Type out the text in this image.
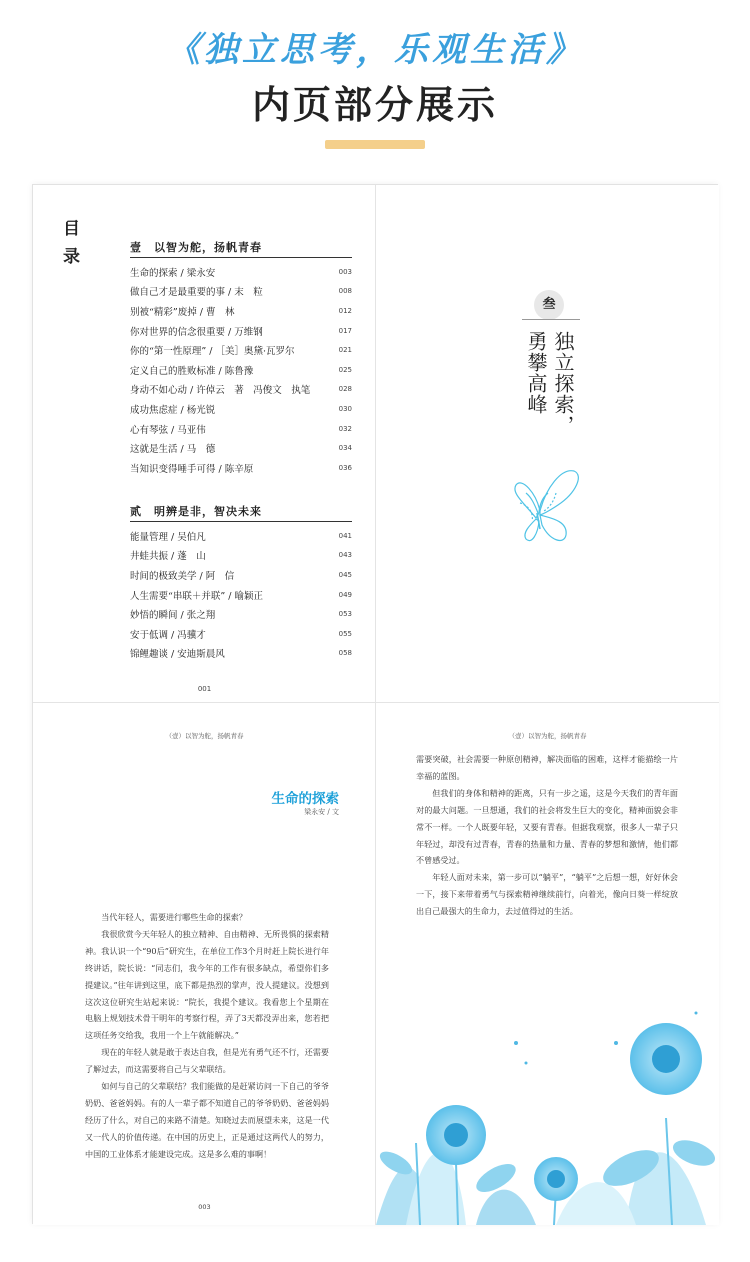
《独立思考，乐观生活》
内页部分展示
目录	壹　以智为舵，扬帆青春
生命的探索 / 梁永安	003
做自己才是最重要的事 / 末　粒	008
别被“精彩”废掉 / 曹　林	012
你对世界的信念很重要 / 万维钢	017
你的“第一性原理” / ［美］奥黛·瓦罗尔	021
定义自己的胜败标准 / 陈鲁豫	025
身动不如心动 / 许倬云　著　冯俊文　执笔	028
成功焦虑症 / 杨光锐	030
心有琴弦 / 马亚伟	032
这就是生活 / 马　德	034
当知识变得唾手可得 / 陈辛原	036
贰　明辨是非，智决未来
能量管理 / 吴伯凡	041
井蛙共振 / 蓬　山	043
时间的极致美学 / 阿　信	045
人生需要“串联＋并联” / 喻颖正	049
妙悟的瞬间 / 张之翔	053
安于低调 / 冯骥才	055
锦鲤趣谈 / 安迪斯晨风	058
001
叁
独立探索，
勇攀高峰
（壹）以智为舵，扬帆青春
生命的探索
梁永安 / 文

当代年轻人，需要进行哪些生命的探索？

我很欣赏今天年轻人的独立精神、自由精神、无所畏惧的探索精神。我认识一个“90后”研究生，在单位工作3个月时赶上院长进行年终讲话，院长说：“同志们，我今年的工作有很多缺点，希望你们多提建议。”往年讲到这里，底下都是热烈的掌声，没人提建议。没想到这次这位研究生站起来说：“院长，我提个建议。我看您上个星期在电脑上规划技术骨干明年的考察行程，弄了3天都没弄出来，您若把这项任务交给我，我用一个上午就能解决。”

现在的年轻人就是敢于表达自我，但是光有勇气还不行，还需要了解过去，而这需要将自己与父辈联结。

如何与自己的父辈联结？我们能做的是赶紧访问一下自己的爷爷奶奶、爸爸妈妈。有的人一辈子都不知道自己的爷爷奶奶、爸爸妈妈经历了什么，对自己的来路不清楚。知晓过去而展望未来，这是一代又一代人的价值传递。在中国的历史上，正是通过这两代人的努力，中国的工业体系才能建设完成。这是多么难的事啊！

003
（壹）以智为舵，扬帆青春

需要突破，社会需要一种原创精神，解决面临的困难，这样才能描绘一片幸福的蓝图。

但我们的身体和精神的距离，只有一步之遥，这是今天我们的青年面对的最大问题。一旦想通，我们的社会将发生巨大的变化，精神面貌会非常不一样。一个人既要年轻，又要有青春。但据我观察，很多人一辈子只年轻过，却没有过青春，青春的热量和力量、青春的梦想和激情，他们都不曾感受过。

年轻人面对未来，第一步可以“躺平”，“躺平”之后想一想，好好休会一下，接下来带着勇气与探索精神继续前行，向着光，像向日葵一样绽放出自己最强大的生命力，去过值得过的生活。
